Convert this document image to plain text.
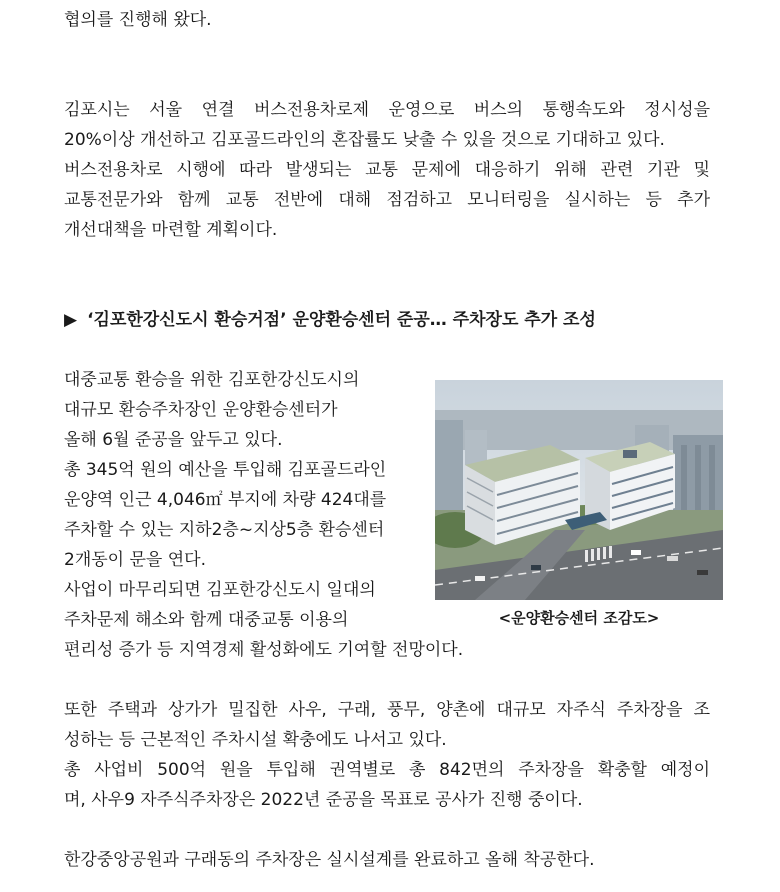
협의를 진행해 왔다.

김포시는 서울 연결 버스전용차로제 운영으로 버스의 통행속도와 정시성을

20%이상 개선하고 김포골드라인의 혼잡률도 낮출 수 있을 것으로 기대하고 있다.

버스전용차로 시행에 따라 발생되는 교통 문제에 대응하기 위해 관련 기관 및

교통전문가와 함께 교통 전반에 대해 점검하고 모니터링을 실시하는 등 추가

개선대책을 마련할 계획이다.

▶ ‘김포한강신도시 환승거점’ 운양환승센터 준공… 주차장도 추가 조성

대중교통 환승을 위한 김포한강신도시의

대규모 환승주차장인 운양환승센터가

올해 6월 준공을 앞두고 있다.

총 345억 원의 예산을 투입해 김포골드라인

운양역 인근 4,046㎡ 부지에 차량 424대를

주차할 수 있는 지하2층~지상5층 환승센터

2개동이 문을 연다.

사업이 마무리되면 김포한강신도시 일대의

주차문제 해소와 함께 대중교통 이용의	<운양환승센터 조감도>

편리성 증가 등 지역경제 활성화에도 기여할 전망이다.

또한 주택과 상가가 밀집한 사우, 구래, 풍무, 양촌에 대규모 자주식 주차장을 조

성하는 등 근본적인 주차시설 확충에도 나서고 있다.

총 사업비 500억 원을 투입해 권역별로 총 842면의 주차장을 확충할 예정이

며, 사우9 자주식주차장은 2022년 준공을 목표로 공사가 진행 중이다.

한강중앙공원과 구래동의 주차장은 실시설계를 완료하고 올해 착공한다.
